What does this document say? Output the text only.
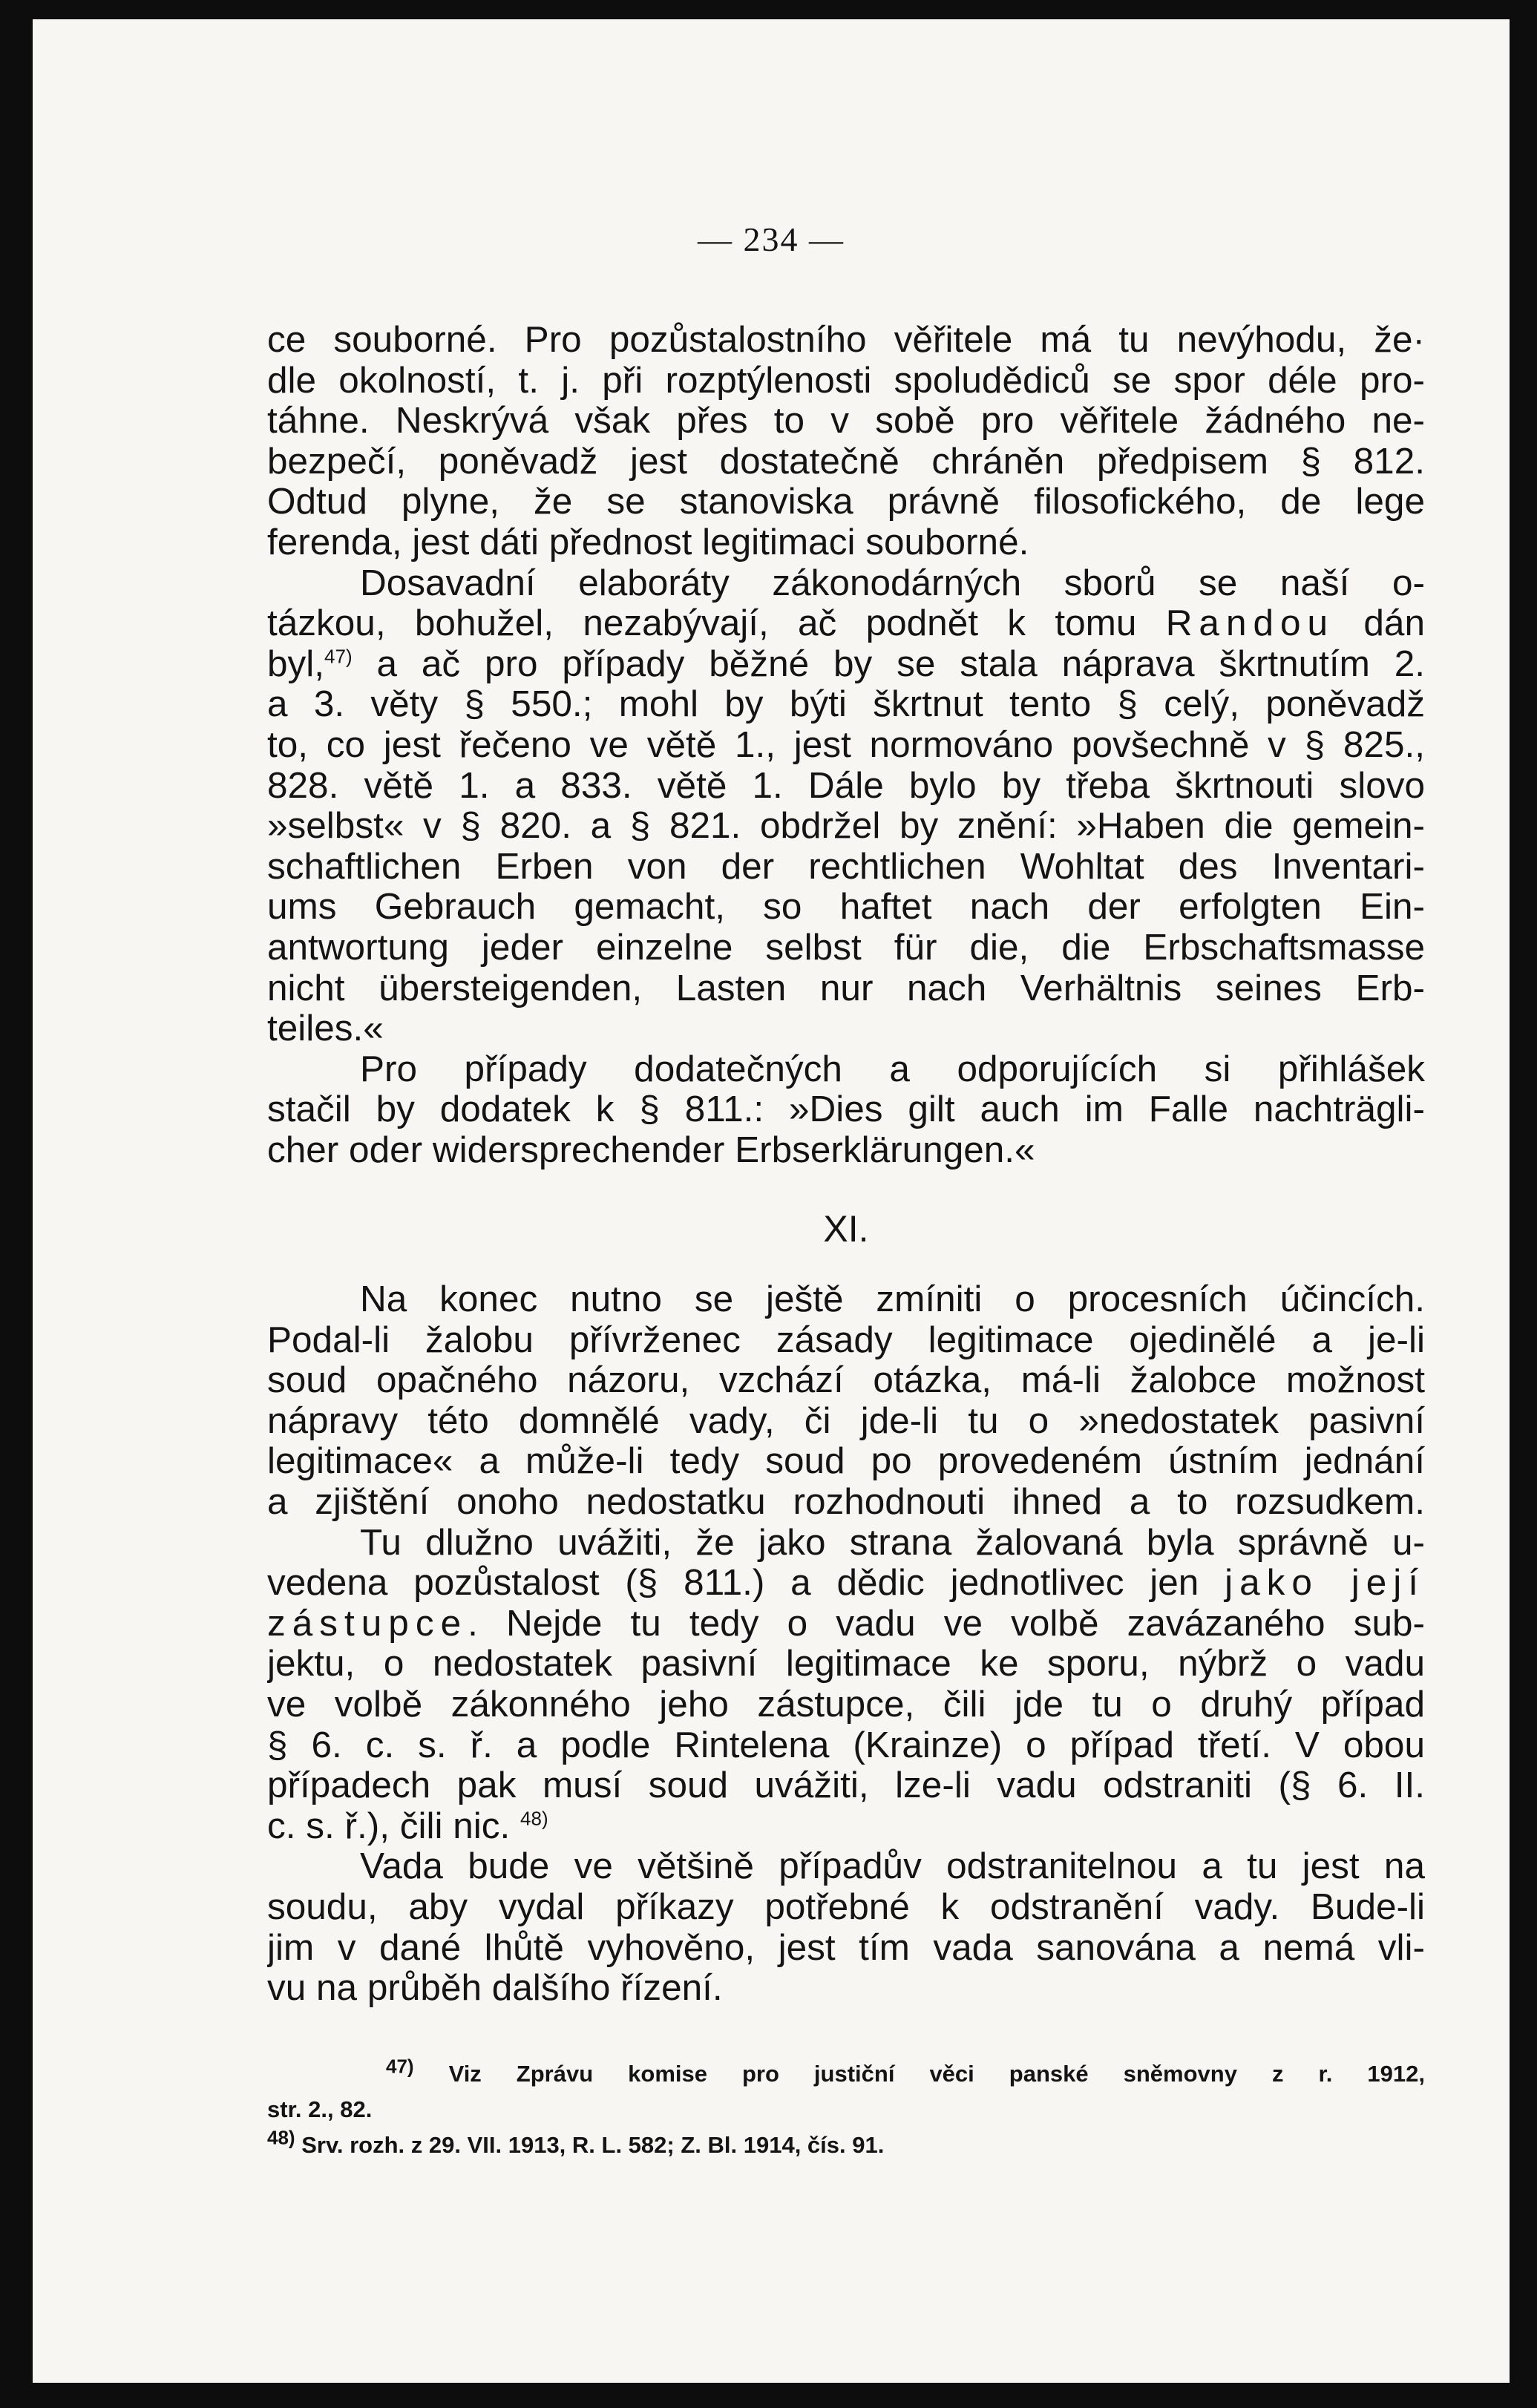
— 234 —
ce souborné. Pro pozůstalostního věřitele má tu nevýhodu, že·
dle okolností, t. j. při rozptýlenosti spoludědiců se spor déle pro-
táhne. Neskrývá však přes to v sobě pro věřitele žádného ne-
bezpečí, poněvadž jest dostatečně chráněn předpisem § 812.
Odtud plyne, že se stanoviska právně filosofického, de lege
ferenda, jest dáti přednost legitimaci souborné.
Dosavadní elaboráty zákonodárných sborů se naší o-
tázkou, bohužel, nezabývají, ač podnět k tomu Randou dán
byl,$^{47)}$ a ač pro případy běžné by se stala náprava škrtnutím 2.
a 3. věty § 550.; mohl by býti škrtnut tento § celý, poněvadž
to, co jest řečeno ve větě 1., jest normováno povšechně v § 825.,
828. větě 1. a 833. větě 1. Dále bylo by třeba škrtnouti slovo
»selbst« v § 820. a § 821. obdržel by znění: »Haben die gemein-
schaftlichen Erben von der rechtlichen Wohltat des Inventari-
ums Gebrauch gemacht, so haftet nach der erfolgten Ein-
antwortung jeder einzelne selbst für die, die Erbschaftsmasse
nicht übersteigenden, Lasten nur nach Verhältnis seines Erb-
teiles.«
Pro případy dodatečných a odporujících si přihlášek
stačil by dodatek k § 811.: »Dies gilt auch im Falle nachträgli-
cher oder widersprechender Erbserklärungen.«
XI.
Na konec nutno se ještě zmíniti o procesních účincích.
Podal-li žalobu přívrženec zásady legitimace ojedinělé a je-li
soud opačného názoru, vzchází otázka, má-li žalobce možnost
nápravy této domnělé vady, či jde-li tu o »nedostatek pasivní
legitimace« a může-li tedy soud po provedeném ústním jednání
a zjištění onoho nedostatku rozhodnouti ihned a to rozsudkem.
Tu dlužno uvážiti, že jako strana žalovaná byla správně u-
vedena pozůstalost (§ 811.) a dědic jednotlivec jen jako její
zástupce. Nejde tu tedy o vadu ve volbě zavázaného sub-
jektu, o nedostatek pasivní legitimace ke sporu, nýbrž o vadu
ve volbě zákonného jeho zástupce, čili jde tu o druhý případ
§ 6. c. s. ř. a podle Rintelena (Krainze) o případ třetí. V obou
případech pak musí soud uvážiti, lze-li vadu odstraniti (§ 6. II.
c. s. ř.), čili nic. $^{48)}$
Vada bude ve většině případův odstranitelnou a tu jest na
soudu, aby vydal příkazy potřebné k odstranění vady. Bude-li
jim v dané lhůtě vyhověno, jest tím vada sanována a nemá vli-
vu na průběh dalšího řízení.
$^{47)}$ Viz Zprávu komise pro justiční věci panské sněmovny z r. 1912,
str. 2., 82.
$^{48)}$ Srv. rozh. z 29. VII. 1913, R. L. 582; Z. Bl. 1914, čís. 91.
